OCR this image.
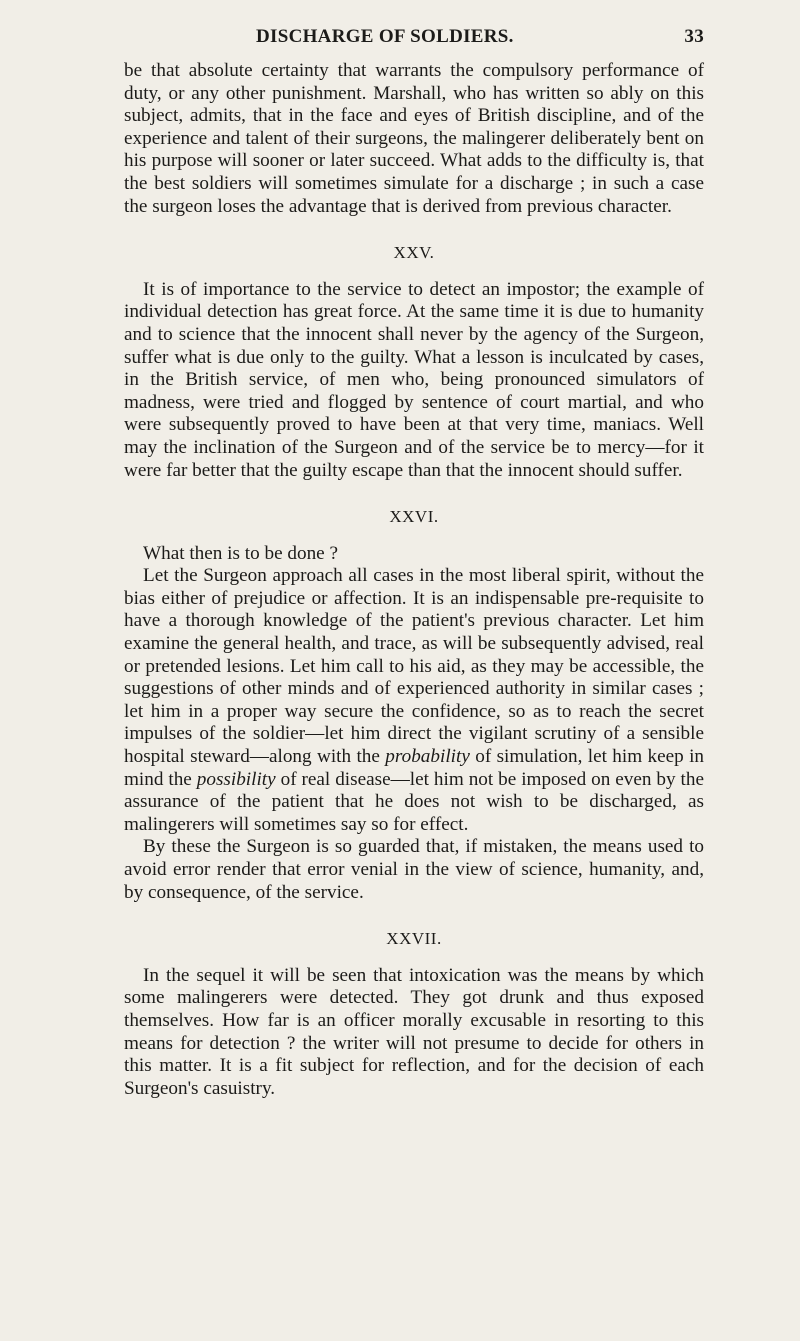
DISCHARGE OF SOLDIERS.	33

be that absolute certainty that warrants the compulsory performance of duty, or any other punishment. Marshall, who has written so ably on this subject, admits, that in the face and eyes of British discipline, and of the experience and talent of their surgeons, the malingerer deliberately bent on his purpose will sooner or later succeed. What adds to the difficulty is, that the best soldiers will sometimes simulate for a discharge ; in such a case the surgeon loses the advantage that is derived from previous character.

XXV.

It is of importance to the service to detect an impostor; the example of individual detection has great force. At the same time it is due to humanity and to science that the innocent shall never by the agency of the Surgeon, suffer what is due only to the guilty. What a lesson is inculcated by cases, in the British service, of men who, being pronounced simulators of madness, were tried and flogged by sentence of court martial, and who were subsequently proved to have been at that very time, maniacs. Well may the inclination of the Surgeon and of the service be to mercy—for it were far better that the guilty escape than that the innocent should suffer.

XXVI.

What then is to be done ?

Let the Surgeon approach all cases in the most liberal spirit, without the bias either of prejudice or affection. It is an indispensable pre-requisite to have a thorough knowledge of the patient's previous character. Let him examine the general health, and trace, as will be subsequently advised, real or pretended lesions. Let him call to his aid, as they may be accessible, the suggestions of other minds and of experienced authority in similar cases ; let him in a proper way secure the confidence, so as to reach the secret impulses of the soldier—let him direct the vigilant scrutiny of a sensible hospital steward—along with the probability of simulation, let him keep in mind the possibility of real disease—let him not be imposed on even by the assurance of the patient that he does not wish to be discharged, as malingerers will sometimes say so for effect.

By these the Surgeon is so guarded that, if mistaken, the means used to avoid error render that error venial in the view of science, humanity, and, by consequence, of the service.

XXVII.

In the sequel it will be seen that intoxication was the means by which some malingerers were detected. They got drunk and thus exposed themselves. How far is an officer morally excusable in resorting to this means for detection ? the writer will not presume to decide for others in this matter. It is a fit subject for reflection, and for the decision of each Surgeon's casuistry.
